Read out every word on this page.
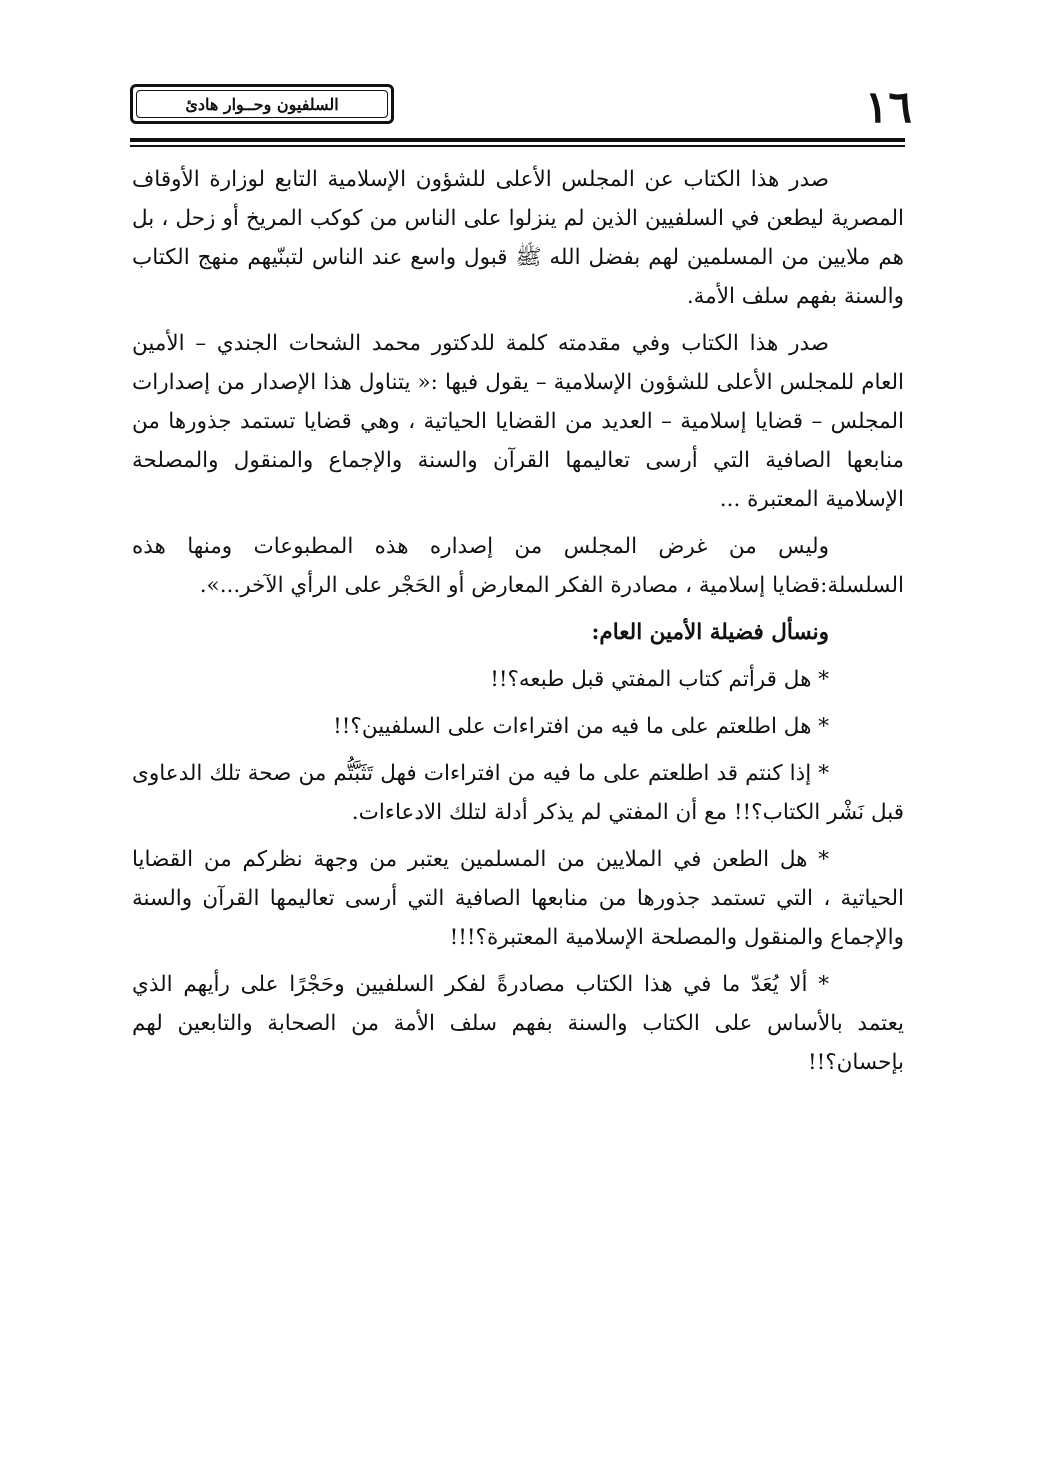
١٦
السلفيون وحــوار هادئ

صدر هذا الكتاب عن المجلس الأعلى للشؤون الإسلامية التابع لوزارة الأوقاف المصرية ليطعن في السلفيين الذين لم ينزلوا على الناس من كوكب المريخ أو زحل ، بل هم ملايين من المسلمين لهم بفضل الله ﷺ قبول واسع عند الناس لتبنّيهم منهج الكتاب والسنة بفهم سلف الأمة.

صدر هذا الكتاب وفي مقدمته كلمة للدكتور محمد الشحات الجندي – الأمين العام للمجلس الأعلى للشؤون الإسلامية – يقول فيها :« يتناول هذا الإصدار من إصدارات المجلس – قضايا إسلامية – العديد من القضايا الحياتية ، وهي قضايا تستمد جذورها من منابعها الصافية التي أرسى تعاليمها القرآن والسنة والإجماع والمنقول والمصلحة الإسلامية المعتبرة ...

وليس من غرض المجلس من إصداره هذه المطبوعات ومنها هذه السلسلة:قضايا إسلامية ، مصادرة الفكر المعارض أو الحَجْر على الرأي الآخر...».

ونسأل فضيلة الأمين العام:

* هل قرأتم كتاب المفتي قبل طبعه؟!!

* هل اطلعتم على ما فيه من افتراءات على السلفيين؟!!

* إذا كنتم قد اطلعتم على ما فيه من افتراءات فهل تَثَبَّتُّم من صحة تلك الدعاوى قبل نَشْر الكتاب؟!! مع أن المفتي لم يذكر أدلة لتلك الادعاءات.

* هل الطعن في الملايين من المسلمين يعتبر من وجهة نظركم من القضايا الحياتية ، التي تستمد جذورها من منابعها الصافية التي أرسى تعاليمها القرآن والسنة والإجماع والمنقول والمصلحة الإسلامية المعتبرة؟!!!

* ألا يُعَدّ ما في هذا الكتاب مصادرةً لفكر السلفيين وحَجْرًا على رأيهم الذي يعتمد بالأساس على الكتاب والسنة بفهم سلف الأمة من الصحابة والتابعين لهم بإحسان؟!!
